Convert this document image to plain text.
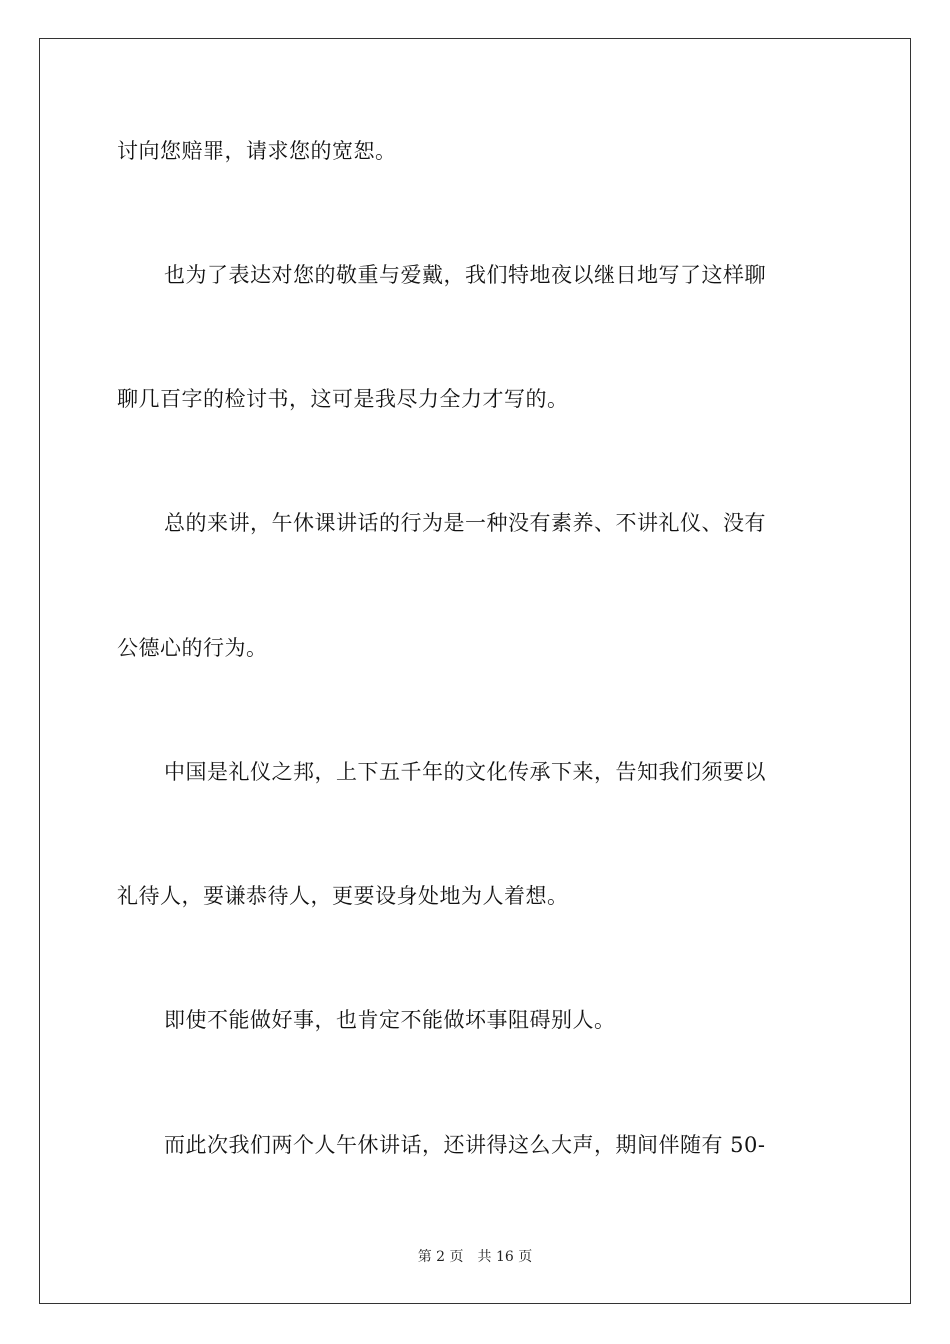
讨向您赔罪，请求您的宽恕。
也为了表达对您的敬重与爱戴，我们特地夜以继日地写了这样聊
聊几百字的检讨书，这可是我尽力全力才写的。
总的来讲，午休课讲话的行为是一种没有素养、不讲礼仪、没有
公德心的行为。
中国是礼仪之邦，上下五千年的文化传承下来，告知我们须要以
礼待人，要谦恭待人，更要设身处地为人着想。
即使不能做好事，也肯定不能做坏事阻碍别人。
而此次我们两个人午休讲话，还讲得这么大声，期间伴随有 50-
第 2 页 共 16 页
